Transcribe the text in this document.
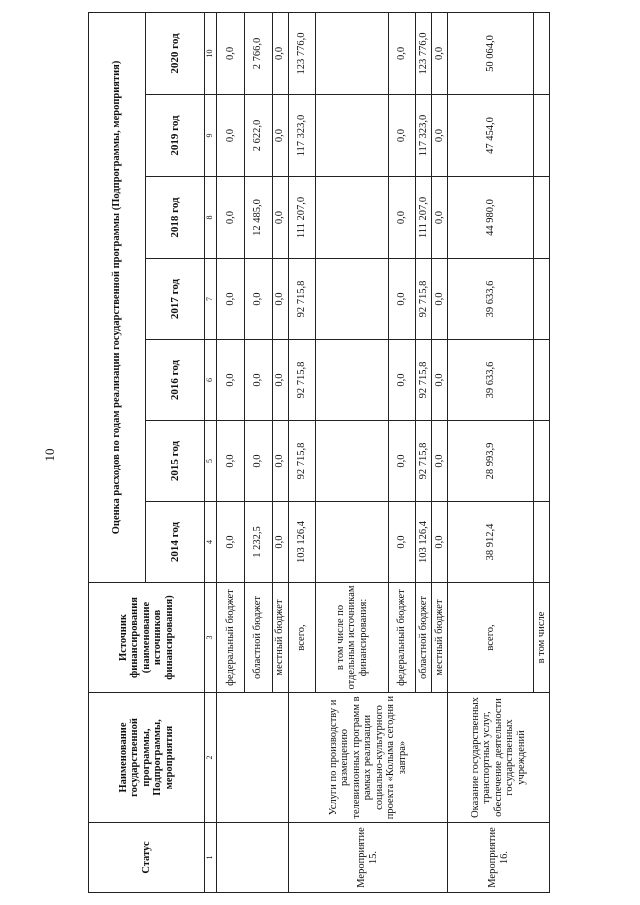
10
Статус	Наименование государственной программы, Подпрограммы, мероприятия	Источник финансирования (наименование источников финансирования)	Оценка расходов по годам реализации государственной программы (Подпрограммы, мероприятия)						
			2014 год	2015 год	2016 год	2017 год	2018 год	2019 год	2020 год
1	2	3	4	5	6	7	8	9	10
		федеральный бюджет	0,0	0,0	0,0	0,0	0,0	0,0	0,0
		областной бюджет	1 232,5	0,0	0,0	0,0	12 485,0	2 622,0	2 766,0
		местный бюджет	0,0	0,0	0,0	0,0	0,0	0,0	0,0
Мероприятие 15.	Услуги по производству и размещению телевизионных программ в рамках реализации социально-культурного проекта «Колыма сегодня и завтра»	всего,	103 126,4	92 715,8	92 715,8	92 715,8	111 207,0	117 323,0	123 776,0
		в том числе по отдельным источникам финансирования:							
		федеральный бюджет	0,0	0,0	0,0	0,0	0,0	0,0	0,0
		областной бюджет	103 126,4	92 715,8	92 715,8	92 715,8	111 207,0	117 323,0	123 776,0
		местный бюджет	0,0	0,0	0,0	0,0	0,0	0,0	0,0
Мероприятие 16.	Оказание государственных транспортных услуг, обеспечение деятельности государственных учреждений	всего,	38 912,4	28 993,9	39 633,6	39 633,6	44 980,0	47 454,0	50 064,0
		в том числе							
